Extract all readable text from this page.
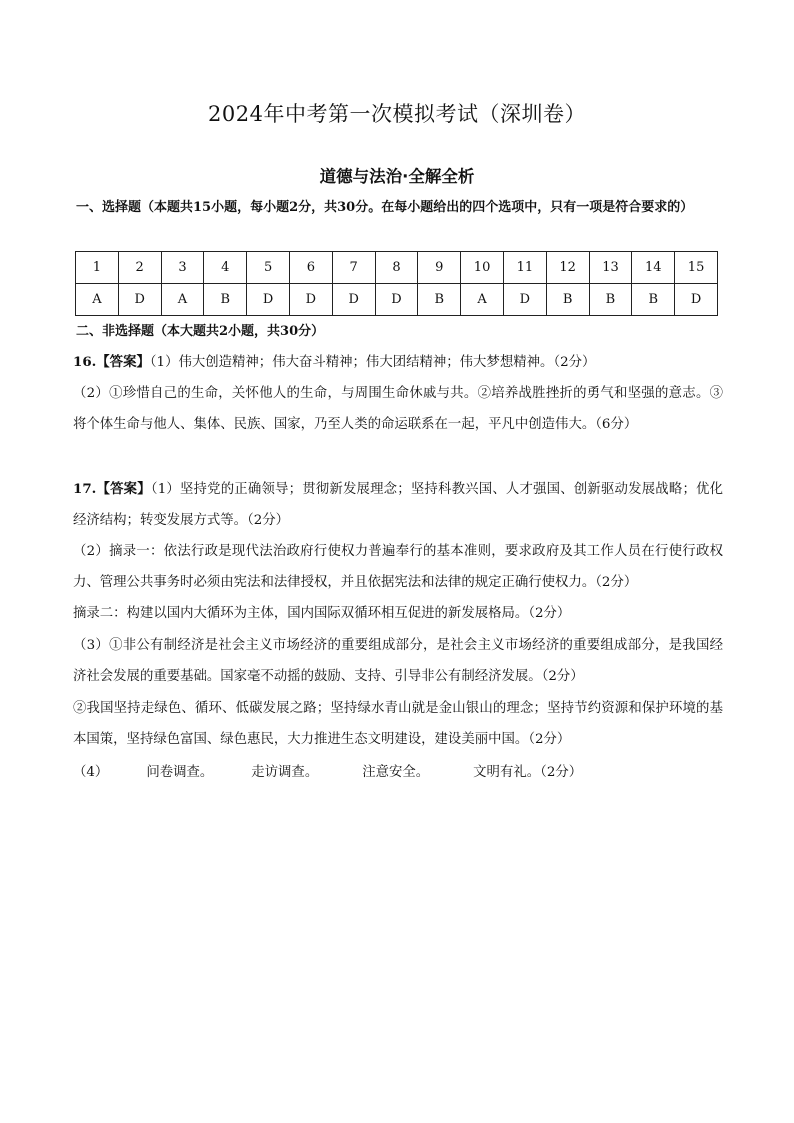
2024年中考第一次模拟考试（深圳卷）
道德与法治·全解全析
一、选择题（本题共15小题，每小题2分，共30分。在每小题给出的四个选项中，只有一项是符合要求的）
1	2	3	4	5	6	7	8	9	10	11	12	13	14	15
A	D	A	B	D	D	D	D	B	A	D	B	B	B	D
二、非选择题（本大题共2小题，共30分）
16.【答案】（1）伟大创造精神；伟大奋斗精神；伟大团结精神；伟大梦想精神。（2分）
（2）①珍惜自己的生命，关怀他人的生命，与周围生命休戚与共。②培养战胜挫折的勇气和坚强的意志。③将个体生命与他人、集体、民族、国家，乃至人类的命运联系在一起，平凡中创造伟大。（6分）
17.【答案】（1）坚持党的正确领导；贯彻新发展理念；坚持科教兴国、人才强国、创新驱动发展战略；优化经济结构；转变发展方式等。（2分）
（2）摘录一：依法行政是现代法治政府行使权力普遍奉行的基本准则，要求政府及其工作人员在行使行政权力、管理公共事务时必须由宪法和法律授权，并且依据宪法和法律的规定正确行使权力。（2分）
摘录二：构建以国内大循环为主体，国内国际双循环相互促进的新发展格局。（2分）
（3）①非公有制经济是社会主义市场经济的重要组成部分，是社会主义市场经济的重要组成部分，是我国经济社会发展的重要基础。国家毫不动摇的鼓励、支持、引导非公有制经济发展。（2分）
②我国坚持走绿色、循环、低碳发展之路；坚持绿水青山就是金山银山的理念；坚持节约资源和保护环境的基本国策，坚持绿色富国、绿色惠民，大力推进生态文明建设，建设美丽中国。（2分）
（4）	问卷调查。	走访调查。	注意安全。	文明有礼。（2分）
